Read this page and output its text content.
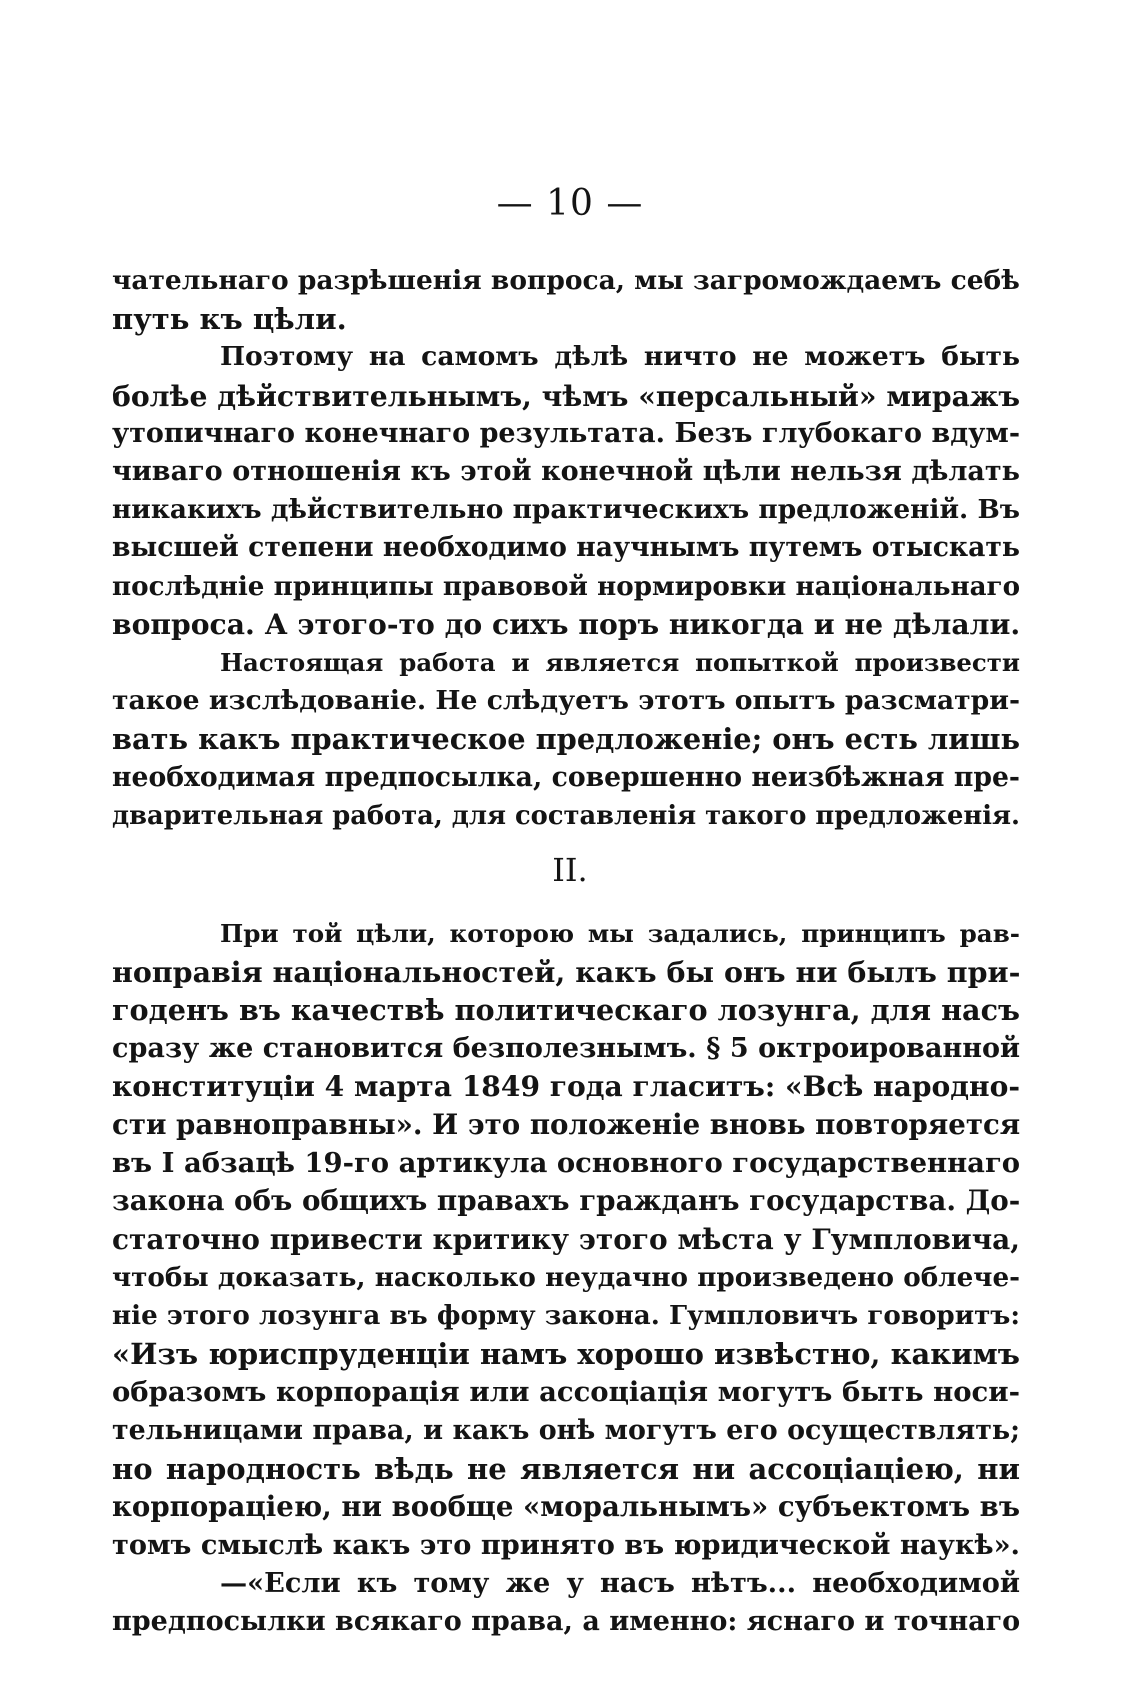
— 10 —
чательнаго разрѣшенія вопроса, мы загромождаемъ себѣ
путь къ цѣли.
Поэтому на самомъ дѣлѣ ничто не можетъ быть
болѣе дѣйствительнымъ, чѣмъ «персальный» миражъ
утопичнаго конечнаго результата. Безъ глубокаго вдум-
чиваго отношенія къ этой конечной цѣли нельзя дѣлать
никакихъ дѣйствительно практическихъ предложеній. Въ
высшей степени необходимо научнымъ путемъ отыскать
послѣдніе принципы правовой нормировки національнаго
вопроса. А этого-то до сихъ поръ никогда и не дѣлали.
Настоящая работа и является попыткой произвести
такое изслѣдованіе. Не слѣдуетъ этотъ опытъ разсматри-
вать какъ практическое предложеніе; онъ есть лишь
необходимая предпосылка, совершенно неизбѣжная пре-
дварительная работа, для составленія такого предложенія.
II.
При той цѣли, которою мы задались, принципъ рав-
ноправія національностей, какъ бы онъ ни былъ при-
годенъ въ качествѣ политическаго лозунга, для насъ
сразу же становится безполезнымъ. § 5 октроированной
конституціи 4 марта 1849 года гласитъ: «Всѣ народно-
сти равноправны». И это положеніе вновь повторяется
въ I абзацѣ 19-го артикула основного государственнаго
закона объ общихъ правахъ гражданъ государства. До-
статочно привести критику этого мѣста у Гумпловича,
чтобы доказать, насколько неудачно произведено облече-
ніе этого лозунга въ форму закона. Гумпловичъ говоритъ:
«Изъ юриспруденціи намъ хорошо извѣстно, какимъ
образомъ корпорація или ассоціація могутъ быть носи-
тельницами права, и какъ онѣ могутъ его осуществлять;
но народность вѣдь не является ни ассоціаціею, ни
корпораціею, ни вообще «моральнымъ» субъектомъ въ
томъ смыслѣ какъ это принято въ юридической наукѣ».
—«Если къ тому же у насъ нѣтъ... необходимой
предпосылки всякаго права, а именно: яснаго и точнаго
